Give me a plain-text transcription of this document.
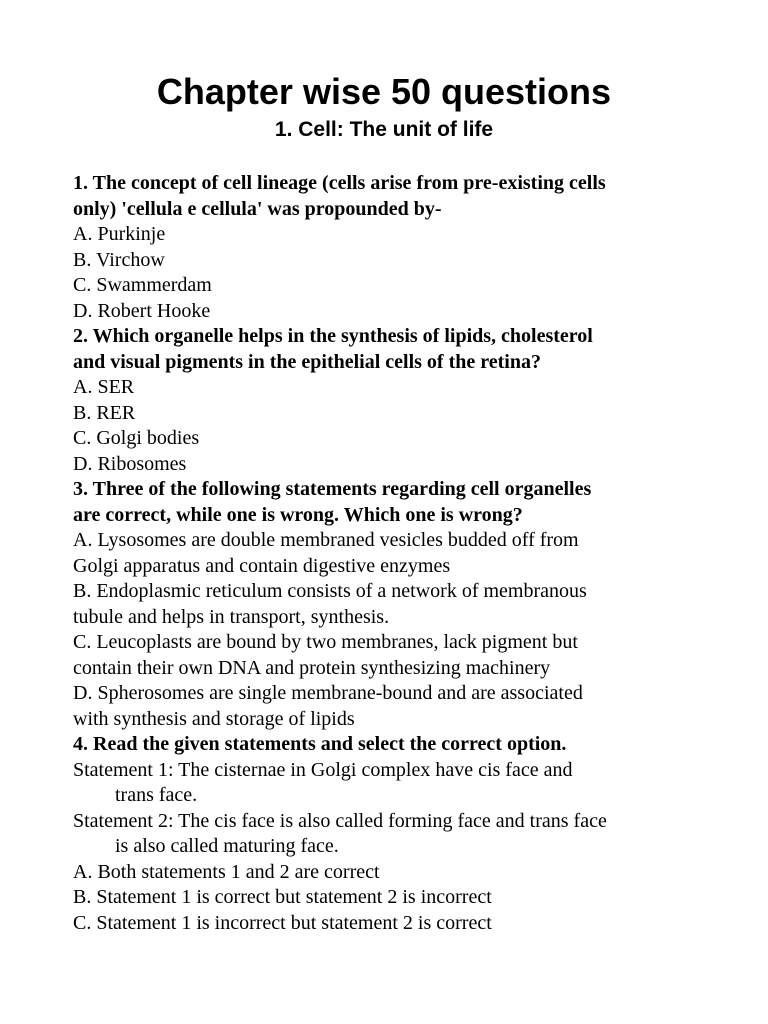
Chapter wise 50 questions
1. Cell: The unit of life

1. The concept of cell lineage (cells arise from pre-existing cells

only) 'cellula e cellula' was propounded by-

A. Purkinje

B. Virchow

C. Swammerdam

D. Robert Hooke

2. Which organelle helps in the synthesis of lipids, cholesterol

and visual pigments in the epithelial cells of the retina?

A. SER

B. RER

C. Golgi bodies

D. Ribosomes

3. Three of the following statements regarding cell organelles

are correct, while one is wrong. Which one is wrong?

A. Lysosomes are double membraned vesicles budded off from

Golgi apparatus and contain digestive enzymes

B. Endoplasmic reticulum consists of a network of membranous

tubule and helps in transport, synthesis.

C. Leucoplasts are bound by two membranes, lack pigment but

contain their own DNA and protein synthesizing machinery

D. Spherosomes are single membrane-bound and are associated

with synthesis and storage of lipids

4. Read the given statements and select the correct option.

Statement 1: The cisternae in Golgi complex have cis face and

trans face.

Statement 2: The cis face is also called forming face and trans face

is also called maturing face.

A. Both statements 1 and 2 are correct

B. Statement 1 is correct but statement 2 is incorrect

C. Statement 1 is incorrect but statement 2 is correct
